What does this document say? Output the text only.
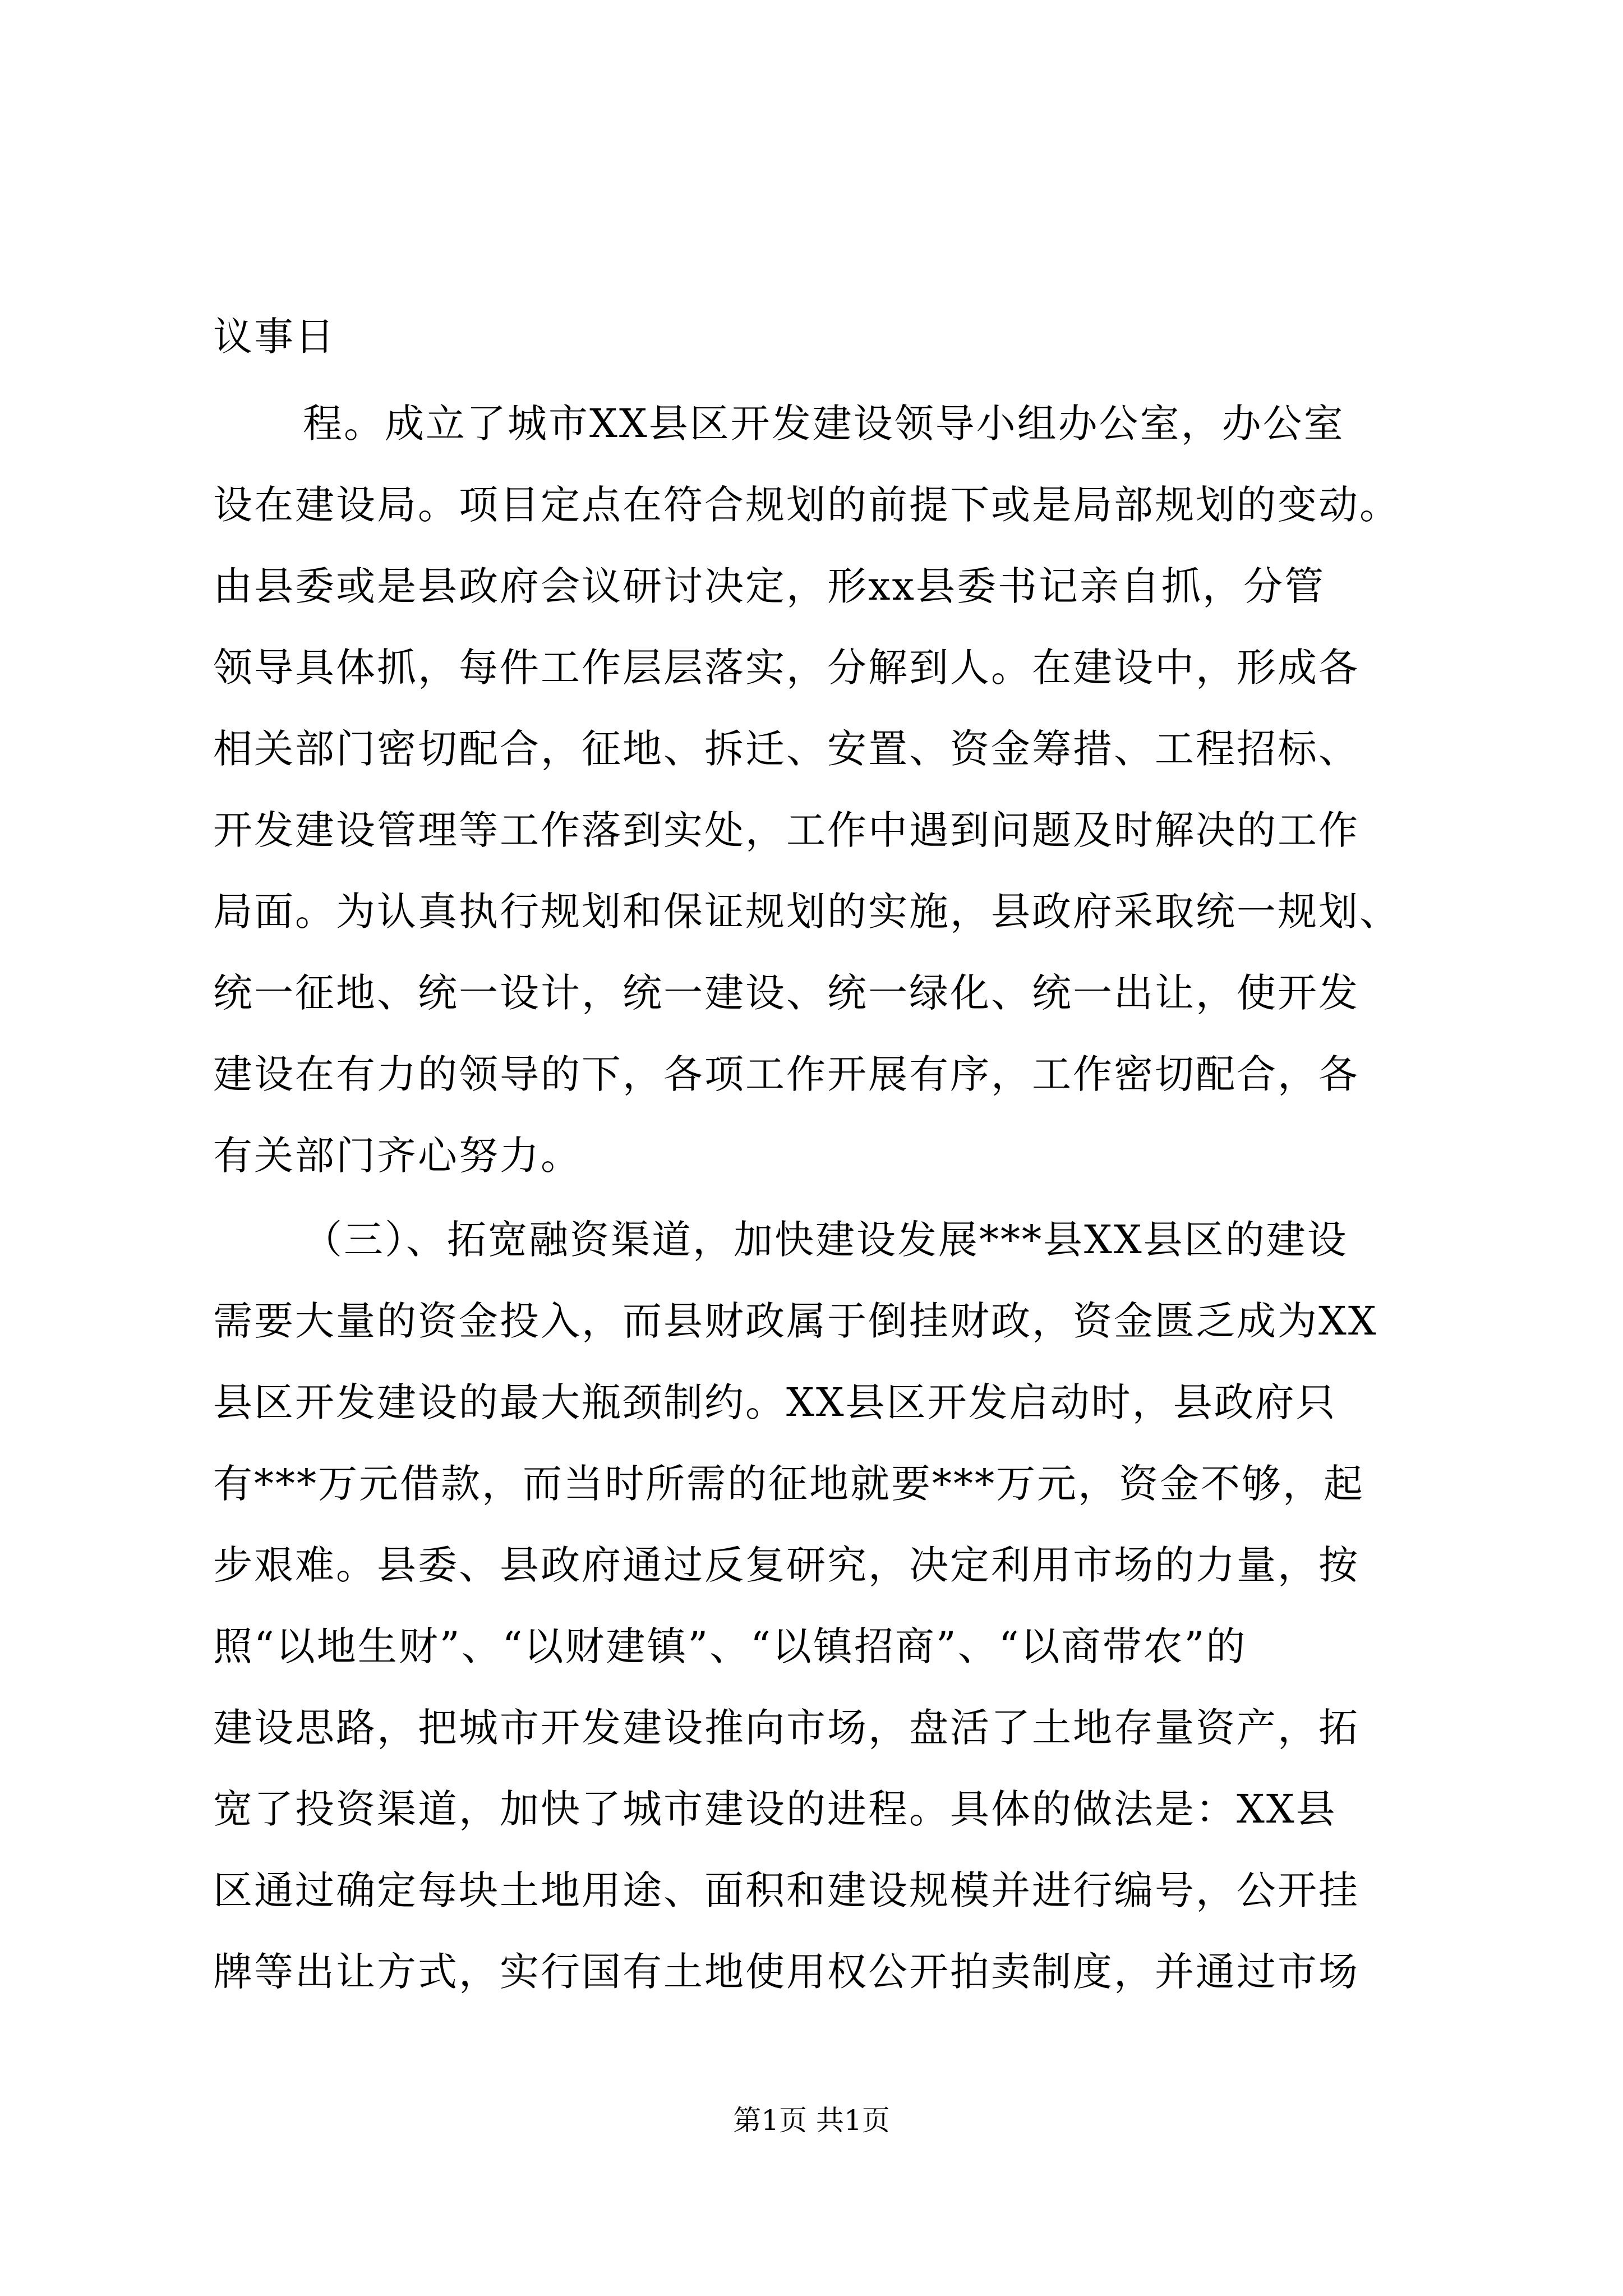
议事日
程。成立了城市XX县区开发建设领导小组办公室，办公室
设在建设局。项目定点在符合规划的前提下或是局部规划的变动。
由县委或是县政府会议研讨决定，形xx县委书记亲自抓，分管
领导具体抓，每件工作层层落实，分解到人。在建设中，形成各
相关部门密切配合，征地、拆迁、安置、资金筹措、工程招标、
开发建设管理等工作落到实处，工作中遇到问题及时解决的工作
局面。为认真执行规划和保证规划的实施，县政府采取统一规划、
统一征地、统一设计，统一建设、统一绿化、统一出让，使开发
建设在有力的领导的下，各项工作开展有序，工作密切配合，各
有关部门齐心努力。
（三）、拓宽融资渠道，加快建设发展***县XX县区的建设
需要大量的资金投入，而县财政属于倒挂财政，资金匮乏成为XX
县区开发建设的最大瓶颈制约。XX县区开发启动时，县政府只
有***万元借款，而当时所需的征地就要***万元，资金不够，起
步艰难。县委、县政府通过反复研究，决定利用市场的力量，按
照“以地生财”、“以财建镇”、“以镇招商”、“以商带农”的
建设思路，把城市开发建设推向市场，盘活了土地存量资产，拓
宽了投资渠道，加快了城市建设的进程。具体的做法是：XX县
区通过确定每块土地用途、面积和建设规模并进行编号，公开挂
牌等出让方式，实行国有土地使用权公开拍卖制度，并通过市场
第1页 共1页
